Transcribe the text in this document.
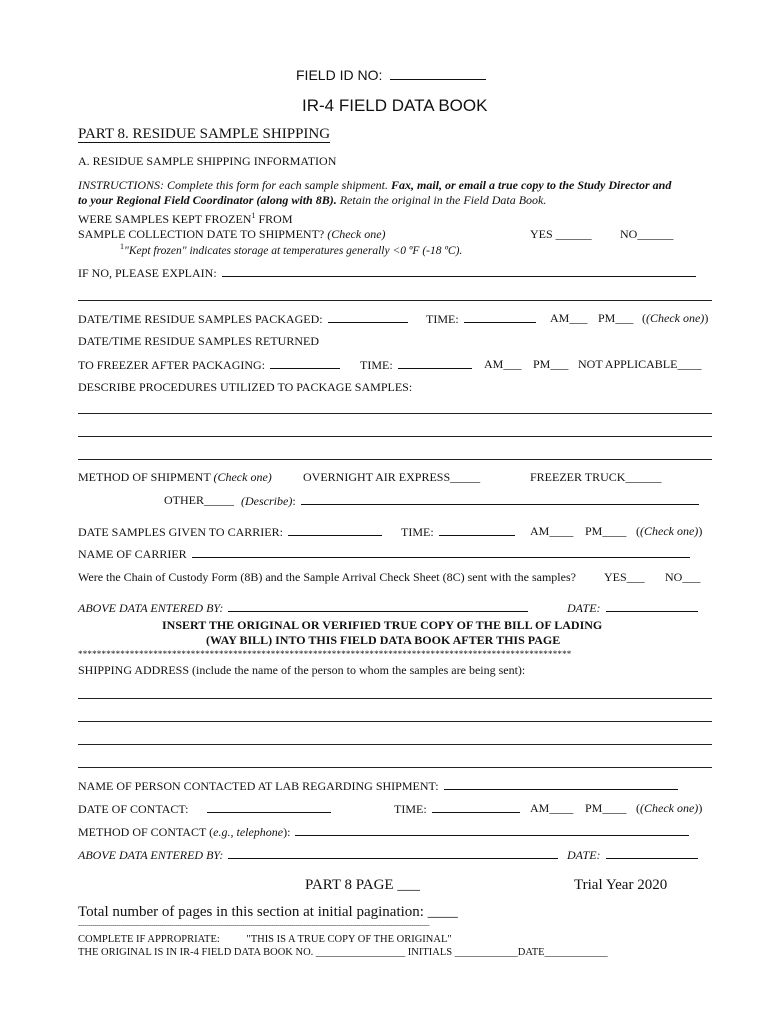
FIELD ID NO:
IR-4 FIELD DATA BOOK
PART 8. RESIDUE SAMPLE SHIPPING
A. RESIDUE SAMPLE SHIPPING INFORMATION
INSTRUCTIONS: Complete this form for each sample shipment. Fax, mail, or email a true copy to the Study Director and
to your Regional Field Coordinator (along with 8B). Retain the original in the Field Data Book.
WERE SAMPLES KEPT FROZEN$^1$ FROM
SAMPLE COLLECTION DATE TO SHIPMENT? (Check one)	YES ______ NO______
$^1$"Kept frozen" indicates storage at temperatures generally <0 ºF (-18 ºC).
IF NO, PLEASE EXPLAIN:
DATE/TIME RESIDUE SAMPLES PACKAGED:	TIME:	AM___ PM___ ((Check one))
DATE/TIME RESIDUE SAMPLES RETURNED
TO FREEZER AFTER PACKAGING:	TIME:	AM___ PM___ NOT APPLICABLE____
DESCRIBE PROCEDURES UTILIZED TO PACKAGE SAMPLES:
METHOD OF SHIPMENT (Check one)	OVERNIGHT AIR EXPRESS_____	FREEZER TRUCK______
OTHER_____ (Describe):
DATE SAMPLES GIVEN TO CARRIER:	TIME:	AM____ PM____ ((Check one))
NAME OF CARRIER
Were the Chain of Custody Form (8B) and the Sample Arrival Check Sheet (8C) sent with the samples? YES___ NO___
ABOVE DATA ENTERED BY:	DATE:
INSERT THE ORIGINAL OR VERIFIED TRUE COPY OF THE BILL OF LADING
(WAY BILL) INTO THIS FIELD DATA BOOK AFTER THIS PAGE
*********************************************************************************************************
SHIPPING ADDRESS (include the name of the person to whom the samples are being sent):
NAME OF PERSON CONTACTED AT LAB REGARDING SHIPMENT:
DATE OF CONTACT:	TIME:	AM____ PM____ ((Check one))
METHOD OF CONTACT (e.g., telephone):
ABOVE DATA ENTERED BY:	DATE:
PART 8 PAGE ___	Trial Year 2020
Total number of pages in this section at initial pagination: ____
-----------------------------------------------------------------------------------------------------------------------------------------------------------------------------
COMPLETE IF APPROPRIATE:	"THIS IS A TRUE COPY OF THE ORIGINAL"
THE ORIGINAL IS IN IR-4 FIELD DATA BOOK NO. _________________ INITIALS ____________DATE____________
